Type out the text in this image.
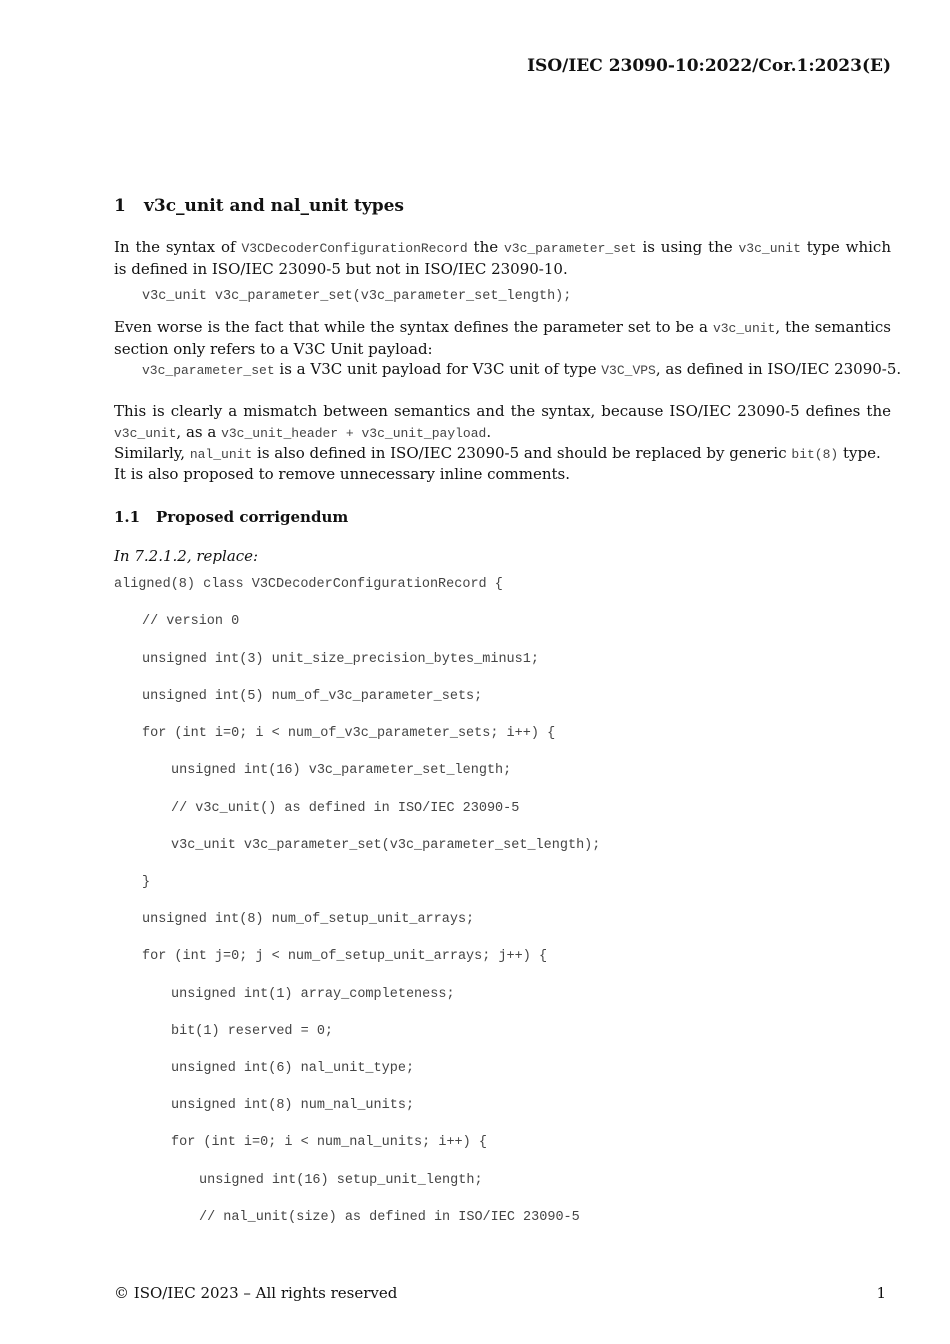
ISO/IEC 23090-10:2022/Cor.1:2023(E)
1 v3c_unit and nal_unit types
In the syntax of V3CDecoderConfigurationRecord the v3c_parameter_set is using the v3c_unit type which is defined in ISO/IEC 23090-5 but not in ISO/IEC 23090-10.
v3c_unit v3c_parameter_set(v3c_parameter_set_length);
Even worse is the fact that while the syntax defines the parameter set to be a v3c_unit, the semantics section only refers to a V3C Unit payload:
v3c_parameter_set is a V3C unit payload for V3C unit of type V3C_VPS, as defined in ISO/IEC 23090-5.
This is clearly a mismatch between semantics and the syntax, because ISO/IEC 23090-5 defines the v3c_unit, as a v3c_unit_header + v3c_unit_payload.
Similarly, nal_unit is also defined in ISO/IEC 23090-5 and should be replaced by generic bit(8) type.
It is also proposed to remove unnecessary inline comments.
1.1 Proposed corrigendum
In 7.2.1.2, replace:
aligned(8) class V3CDecoderConfigurationRecord {
// version 0
unsigned int(3) unit_size_precision_bytes_minus1;
unsigned int(5) num_of_v3c_parameter_sets;
for (int i=0; i < num_of_v3c_parameter_sets; i++) {
unsigned int(16) v3c_parameter_set_length;
// v3c_unit() as defined in ISO/IEC 23090-5
v3c_unit v3c_parameter_set(v3c_parameter_set_length);
}
unsigned int(8) num_of_setup_unit_arrays;
for (int j=0; j < num_of_setup_unit_arrays; j++) {
unsigned int(1) array_completeness;
bit(1) reserved = 0;
unsigned int(6) nal_unit_type;
unsigned int(8) num_nal_units;
for (int i=0; i < num_nal_units; i++) {
unsigned int(16) setup_unit_length;
// nal_unit(size) as defined in ISO/IEC 23090-5
© ISO/IEC 2023 – All rights reserved	1
